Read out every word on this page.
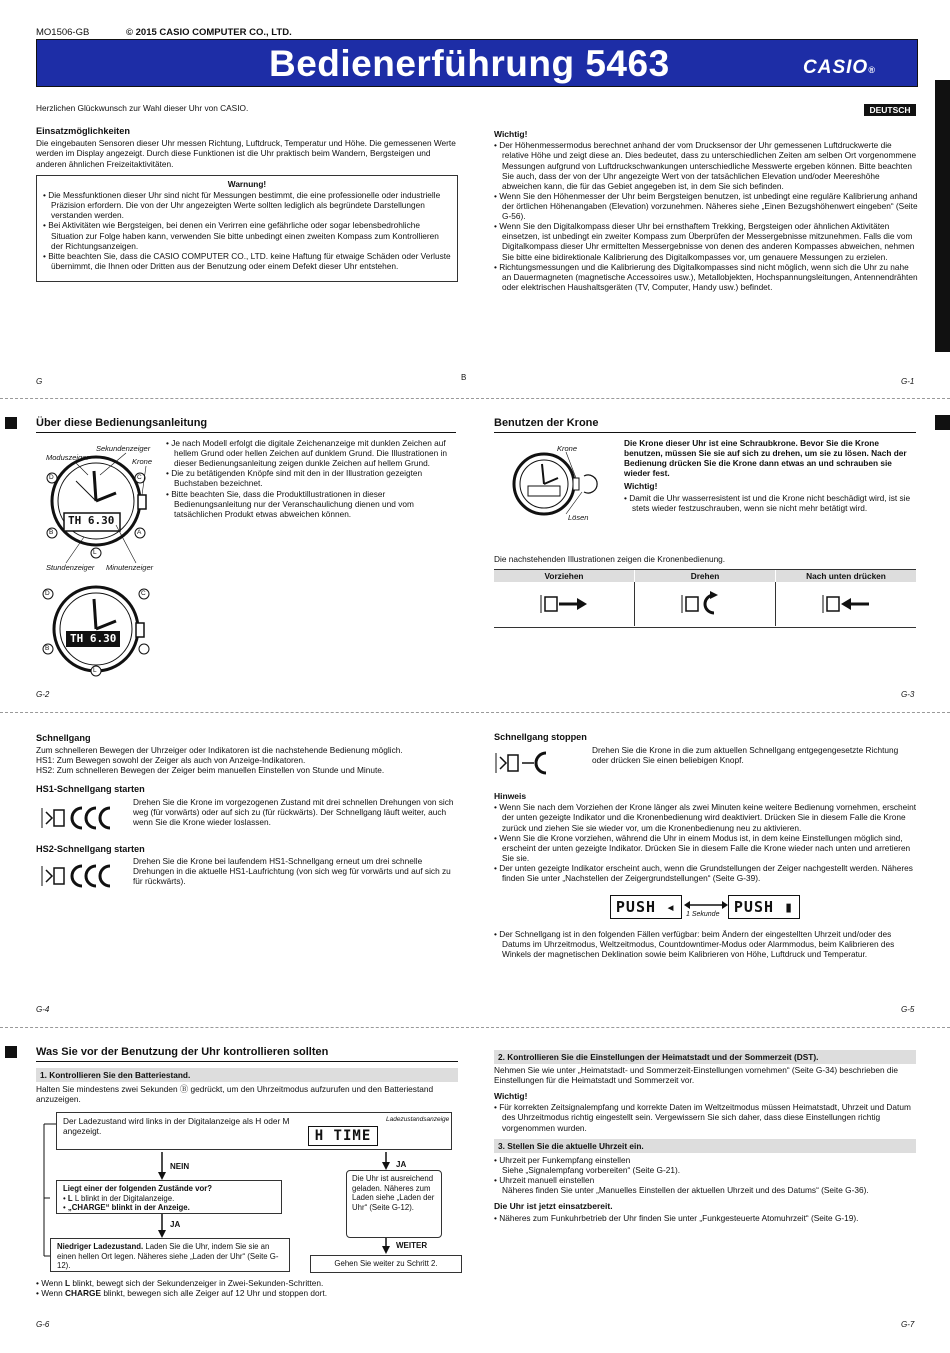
MO1506-GB	© 2015 CASIO COMPUTER CO., LTD.
Bedienerführung 5463	CASIO®
DEUTSCH

Herzlichen Glückwunsch zur Wahl dieser Uhr von CASIO.

Einsatzmöglichkeiten

Die eingebauten Sensoren dieser Uhr messen Richtung, Luftdruck, Temperatur und Höhe. Die gemessenen Werte werden im Display angezeigt. Durch diese Funktionen ist die Uhr praktisch beim Wandern, Bergsteigen und anderen ähnlichen Freizeitaktivitäten.

Warnung!

• Die Messfunktionen dieser Uhr sind nicht für Messungen bestimmt, die eine professionelle oder industrielle Präzision erfordern. Die von der Uhr angezeigten Werte sollten lediglich als begründete Darstellungen verstanden werden.

• Bei Aktivitäten wie Bergsteigen, bei denen ein Verirren eine gefährliche oder sogar lebensbedrohliche Situation zur Folge haben kann, verwenden Sie bitte unbedingt einen zweiten Kompass zum Kontrollieren der Richtungsanzeigen.

• Bitte beachten Sie, dass die CASIO COMPUTER CO., LTD. keine Haftung für etwaige Schäden oder Verluste übernimmt, die Ihnen oder Dritten aus der Benutzung oder einem Defekt dieser Uhr entstehen.

Wichtig!

• Der Höhenmessermodus berechnet anhand der vom Drucksensor der Uhr gemessenen Luftdruckwerte die relative Höhe und zeigt diese an. Dies bedeutet, dass zu unterschiedlichen Zeiten am selben Ort vorgenommene Messungen aufgrund von Luftdruckschwankungen unterschiedliche Messwerte ergeben können. Bitte beachten Sie auch, dass der von der Uhr angezeigte Wert von der tatsächlichen Elevation und/oder Meereshöhe abweichen kann, die für das Gebiet angegeben ist, in dem Sie sich befinden.

• Wenn Sie den Höhenmesser der Uhr beim Bergsteigen benutzen, ist unbedingt eine reguläre Kalibrierung anhand der örtlichen Höhenangaben (Elevation) vorzunehmen. Näheres siehe „Einen Bezugshöhenwert eingeben“ (Seite G-56).

• Wenn Sie den Digitalkompass dieser Uhr bei ernsthaftem Trekking, Bergsteigen oder ähnlichen Aktivitäten einsetzen, ist unbedingt ein zweiter Kompass zum Überprüfen der Messergebnisse mitzunehmen. Falls die vom Digitalkompass dieser Uhr ermittelten Messergebnisse von denen des anderen Kompasses abweichen, nehmen Sie bitte eine bidirektionale Kalibrierung des Digitalkompasses vor, um genauere Messungen zu erzielen.

• Richtungsmessungen und die Kalibrierung des Digitalkompasses sind nicht möglich, wenn sich die Uhr zu nahe an Dauermagneten (magnetische Accessoires usw.), Metallobjekten, Hochspannungsleitungen, Antennendrähten oder elektrischen Haushaltsgeräten (TV, Computer, Handy usw.) befindet.

G	B	G-1
Über diese Bedienungsanleitung
Sekundenzeiger
Moduszeiger	Krone
TH 6.30
D	C
B	A
L
Stundenzeiger Minutenzeiger
TH 6.30
D	C
B
L

• Je nach Modell erfolgt die digitale Zeichenanzeige mit dunklen Zeichen auf hellem Grund oder hellen Zeichen auf dunklem Grund. Die Illustrationen in dieser Bedienungsanleitung zeigen dunkle Zeichen auf hellem Grund.

• Die zu betätigenden Knöpfe sind mit den in der Illustration gezeigten Buchstaben bezeichnet.

• Bitte beachten Sie, dass die Produktillustrationen in dieser Bedienungsanleitung nur der Veranschaulichung dienen und vom tatsächlichen Produkt etwas abweichen können.

G-2
Benutzen der Krone
Krone
Lösen

Die Krone dieser Uhr ist eine Schraubkrone. Bevor Sie die Krone benutzen, müssen Sie sie auf sich zu drehen, um sie zu lösen. Nach der Bedienung drücken Sie die Krone dann etwas an und schrauben sie wieder fest.

Wichtig!

• Damit die Uhr wasserresistent ist und die Krone nicht beschädigt wird, ist sie stets wieder festzuschrauben, wenn sie nicht mehr betätigt wird.

Die nachstehenden Illustrationen zeigen die Kronenbedienung.
Vorziehen	Drehen	Nach unten drücken
G-3

Schnellgang

Zum schnelleren Bewegen der Uhrzeiger oder Indikatoren ist die nachstehende Bedienung möglich.

HS1: Zum Bewegen sowohl der Zeiger als auch von Anzeige-Indikatoren.

HS2: Zum schnelleren Bewegen der Zeiger beim manuellen Einstellen von Stunde und Minute.

HS1-Schnellgang starten

Drehen Sie die Krone im vorgezogenen Zustand mit drei schnellen Drehungen von sich weg (für vorwärts) oder auf sich zu (für rückwärts). Der Schnellgang läuft weiter, auch wenn Sie die Krone wieder loslassen.
HS2-Schnellgang starten
Drehen Sie die Krone bei laufendem HS1-Schnellgang erneut um drei schnelle Drehungen in die aktuelle HS1-Laufrichtung (von sich weg für vorwärts und auf sich zu für rückwärts).
G-4
Schnellgang stoppen
Drehen Sie die Krone in die zum aktuellen Schnellgang entgegengesetzte Richtung oder drücken Sie einen beliebigen Knopf.

Hinweis

• Wenn Sie nach dem Vorziehen der Krone länger als zwei Minuten keine weitere Bedienung vornehmen, erscheint der unten gezeigte Indikator und die Kronenbedienung wird deaktiviert. Drücken Sie in diesem Falle die Krone zurück und ziehen Sie sie wieder vor, um die Kronenbedienung neu zu aktivieren.

• Wenn Sie die Krone vorziehen, während die Uhr in einem Modus ist, in dem keine Einstellungen möglich sind, erscheint der unten gezeigte Indikator. Drücken Sie in diesem Falle die Krone wieder nach unten und arretieren Sie sie.

• Der unten gezeigte Indikator erscheint auch, wenn die Grundstellungen der Zeiger nachgestellt werden. Näheres finden Sie unter „Nachstellen der Zeigergrundstellungen“ (Seite G-39).

PUSH ◂	1 Sekunde PUSH ▮

• Der Schnellgang ist in den folgenden Fällen verfügbar: beim Ändern der eingestellten Uhrzeit und/oder des Datums im Uhrzeitmodus, Weltzeitmodus, Countdowntimer-Modus oder Alarmmodus, beim Kalibrieren des Winkels der magnetischen Deklination sowie beim Kalibrieren von Höhe, Luftdruck und Temperatur.

G-5
Was Sie vor der Benutzung der Uhr kontrollieren sollten
1. Kontrollieren Sie den Batteriestand.
Halten Sie mindestens zwei Sekunden Ⓑ gedrückt, um den Uhrzeitmodus aufzurufen und den Batteriestand anzuzeigen.
Der Ladezustand wird links in der Digitalanzeige als H oder M angezeigt.
Ladezustandsanzeige
H TIME
NEIN	JA
Liegt einer der folgenden Zustände vor?
• L L blinkt in der Digitalanzeige.
• „CHARGE“ blinkt in der Anzeige.
JA
Die Uhr ist ausreichend geladen. Näheres zum Laden siehe „Laden der Uhr“ (Seite G-12).
Niedriger Ladezustand. Laden Sie die Uhr, indem Sie sie an einen hellen Ort legen. Näheres siehe „Laden der Uhr“ (Seite G-12).
WEITER
Gehen Sie weiter zu Schritt 2.

• Wenn L blinkt, bewegt sich der Sekundenzeiger in Zwei-Sekunden-Schritten.

• Wenn CHARGE blinkt, bewegen sich alle Zeiger auf 12 Uhr und stoppen dort.

G-6
2. Kontrollieren Sie die Einstellungen der Heimatstadt und der Sommerzeit (DST).
Nehmen Sie wie unter „Heimatstadt- und Sommerzeit-Einstellungen vornehmen“ (Seite G-34) beschrieben die Einstellungen für die Heimatstadt und Sommerzeit vor.

Wichtig!

• Für korrekten Zeitsignalempfang und korrekte Daten im Weltzeitmodus müssen Heimatstadt, Uhrzeit und Datum des Uhrzeitmodus richtig eingestellt sein. Vergewissern Sie sich daher, dass diese Einstellungen richtig vorgenommen wurden.

3. Stellen Sie die aktuelle Uhrzeit ein.

• Uhrzeit per Funkempfang einstellen

Siehe „Signalempfang vorbereiten“ (Seite G-21).

• Uhrzeit manuell einstellen

Näheres finden Sie unter „Manuelles Einstellen der aktuellen Uhrzeit und des Datums“ (Seite G-36).

Die Uhr ist jetzt einsatzbereit.

• Näheres zum Funkuhrbetrieb der Uhr finden Sie unter „Funkgesteuerte Atomuhrzeit“ (Seite G-19).

G-7
